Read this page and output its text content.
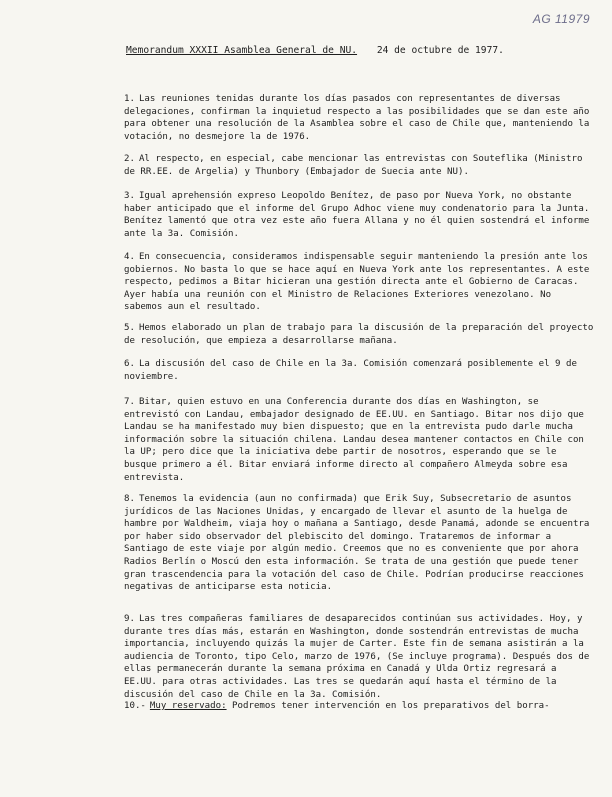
AG 11979
Memorandum XXXII Asamblea General de NU. 24 de octubre de 1977.
1. Las reuniones tenidas durante los días pasados con representantes de diversas delegaciones, confirman la inquietud respecto a las posibilidades que se dan este año para obtener una resolución de la Asamblea sobre el caso de Chile que, manteniendo la votación, no desmejore la de 1976.
2. Al respecto, en especial, cabe mencionar las entrevistas con Souteflika (Ministro de RR.EE. de Argelia) y Thunbory (Embajador de Suecia ante NU).
3. Igual aprehensión expreso Leopoldo Benítez, de paso por Nueva York, no obstante haber anticipado que el informe del Grupo Adhoc viene muy condenatorio para la Junta. Benítez lamentó que otra vez este año fuera Allana y no él quien sostendrá el informe ante la 3a. Comisión.
4. En consecuencia, consideramos indispensable seguir manteniendo la presión ante los gobiernos. No basta lo que se hace aquí en Nueva York ante los representantes. A este respecto, pedimos a Bitar hicieran una gestión directa ante el Gobierno de Caracas. Ayer había una reunión con el Ministro de Relaciones Exteriores venezolano. No sabemos aun el resultado.
5. Hemos elaborado un plan de trabajo para la discusión de la preparación del proyecto de resolución, que empieza a desarrollarse mañana.
6. La discusión del caso de Chile en la 3a. Comisión comenzará posiblemente el 9 de noviembre.
7. Bitar, quien estuvo en una Conferencia durante dos días en Washington, se entrevistó con Landau, embajador designado de EE.UU. en Santiago. Bitar nos dijo que Landau se ha manifestado muy bien dispuesto; que en la entrevista pudo darle mucha información sobre la situación chilena. Landau desea mantener contactos en Chile con la UP; pero dice que la iniciativa debe partir de nosotros, esperando que se le busque primero a él. Bitar enviará informe directo al compañero Almeyda sobre esa entrevista.
8. Tenemos la evidencia (aun no confirmada) que Erik Suy, Subsecretario de asuntos jurídicos de las Naciones Unidas, y encargado de llevar el asunto de la huelga de hambre por Waldheim, viaja hoy o mañana a Santiago, desde Panamá, adonde se encuentra por haber sido observador del plebiscito del domingo. Trataremos de informar a Santiago de este viaje por algún medio. Creemos que no es conveniente que por ahora Radios Berlín o Moscú den esta información. Se trata de una gestión que puede tener gran trascendencia para la votación del caso de Chile. Podrían producirse reacciones negativas de anticiparse esta noticia.
9. Las tres compañeras familiares de desaparecidos continúan sus actividades. Hoy, y durante tres días más, estarán en Washington, donde sostendrán entrevistas de mucha importancia, incluyendo quizás la mujer de Carter. Este fin de semana asistirán a la audiencia de Toronto, tipo Celo, marzo de 1976, (Se incluye programa). Después dos de ellas permanecerán durante la semana próxima en Canadá y Ulda Ortiz regresará a EE.UU. para otras actividades. Las tres se quedarán aquí hasta el término de la discusión del caso de Chile en la 3a. Comisión.
10.- Muy reservado: Podremos tener intervención en los preparativos del borra-
